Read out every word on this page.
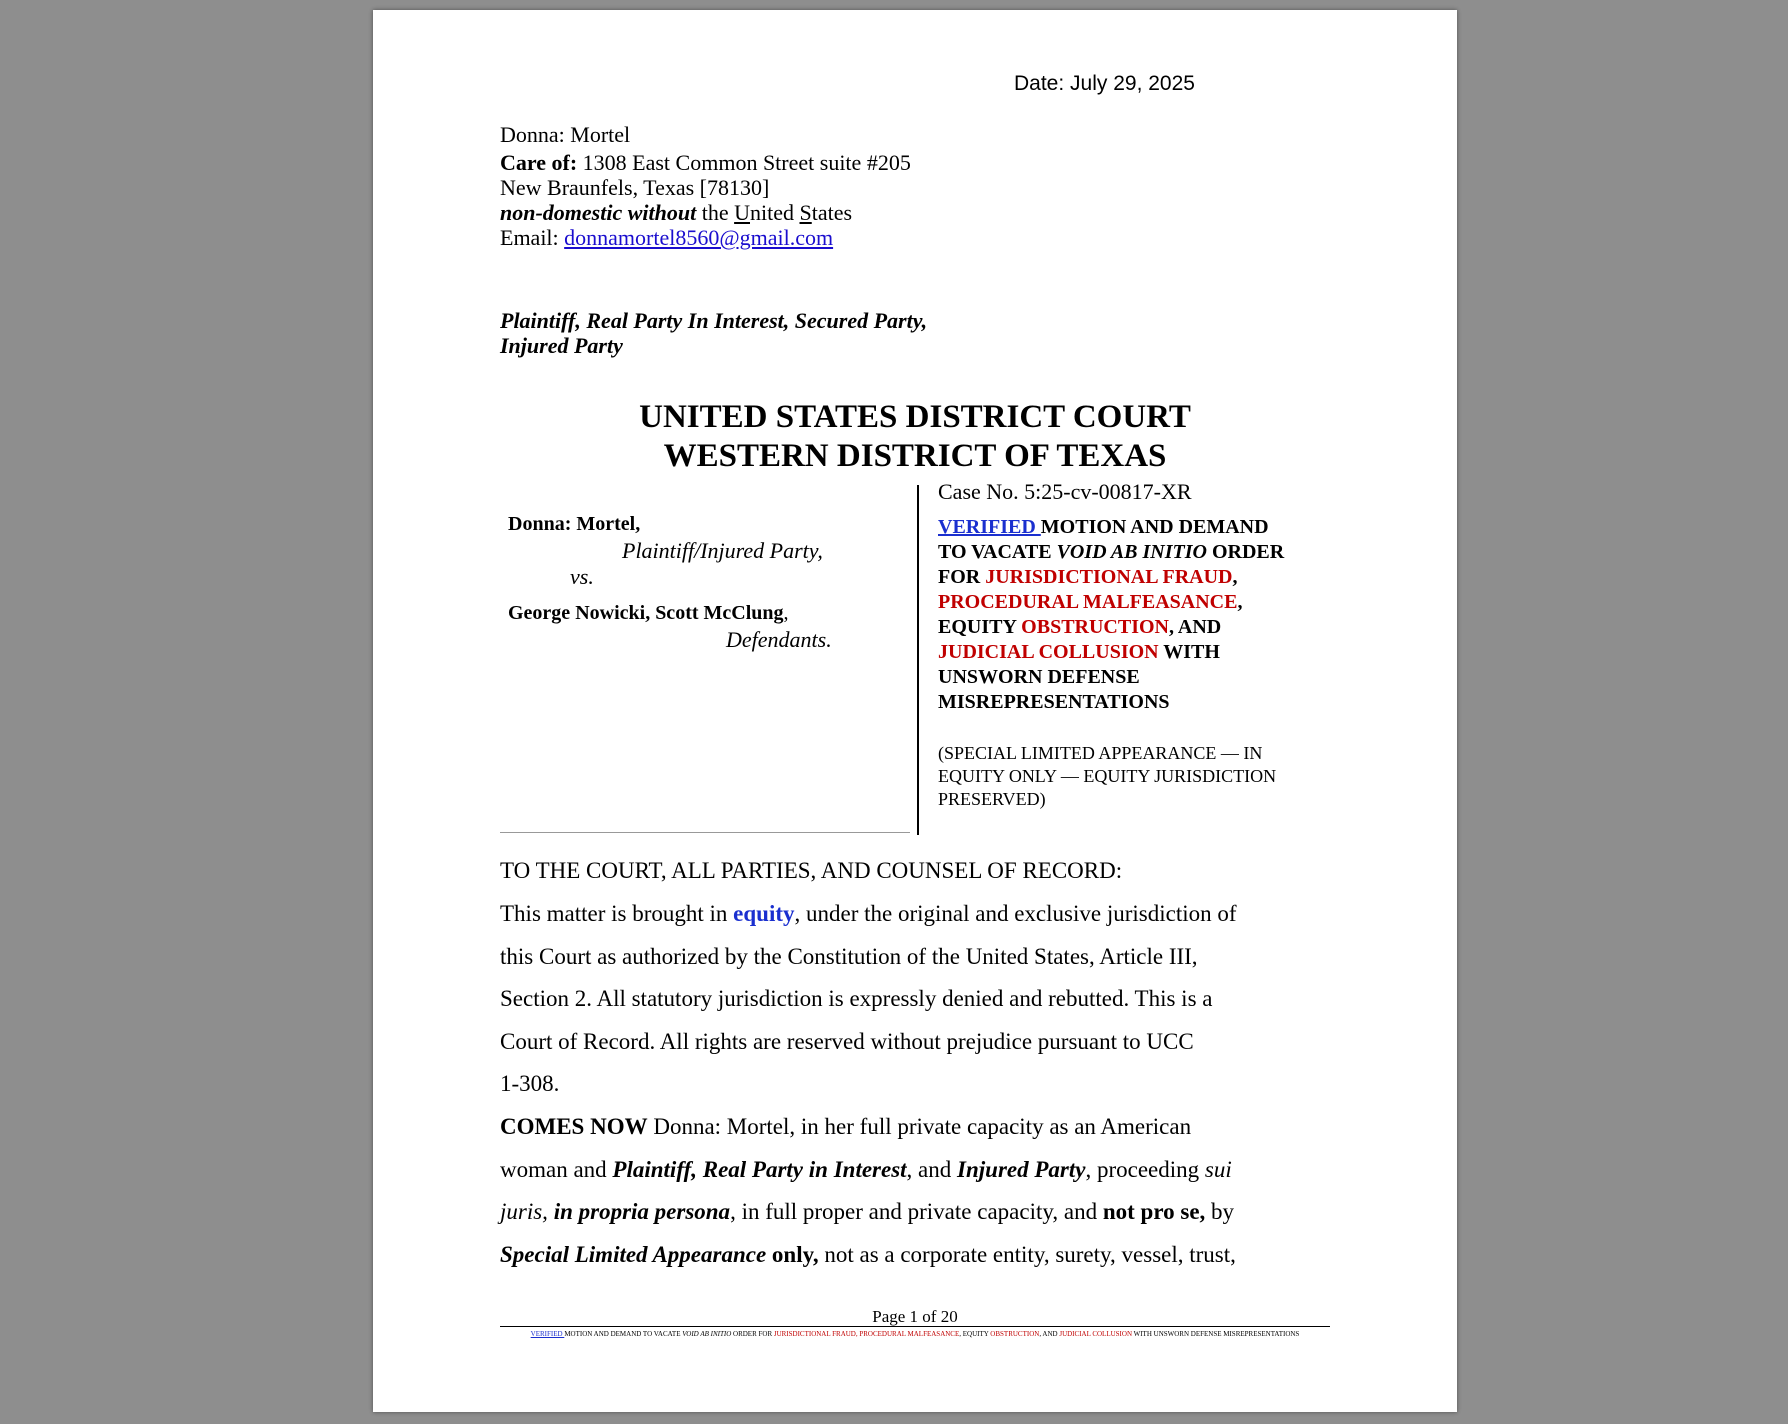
Date: July 29, 2025
Donna: Mortel
Care of: 1308 East Common Street suite #205
New Braunfels, Texas [78130]
non-domestic without the United States
Email: donnamortel8560@gmail.com
Plaintiff, Real Party In Interest, Secured Party,
Injured Party
UNITED STATES DISTRICT COURT
WESTERN DISTRICT OF TEXAS
Donna: Mortel,
Plaintiff/Injured Party,
vs.
George Nowicki, Scott McClung,
Defendants.
Case No. 5:25-cv-00817-XR
VERIFIED MOTION AND DEMAND
TO VACATE VOID AB INITIO ORDER
FOR JURISDICTIONAL FRAUD,
PROCEDURAL MALFEASANCE,
EQUITY OBSTRUCTION, AND
JUDICIAL COLLUSION WITH
UNSWORN DEFENSE
MISREPRESENTATIONS
(SPECIAL LIMITED APPEARANCE — IN
EQUITY ONLY — EQUITY JURISDICTION
PRESERVED)
TO THE COURT, ALL PARTIES, AND COUNSEL OF RECORD:
This matter is brought in equity, under the original and exclusive jurisdiction of
this Court as authorized by the Constitution of the United States, Article III,
Section 2. All statutory jurisdiction is expressly denied and rebutted. This is a
Court of Record. All rights are reserved without prejudice pursuant to UCC
1-308.
COMES NOW Donna: Mortel, in her full private capacity as an American
woman and Plaintiff, Real Party in Interest, and Injured Party, proceeding sui
juris, in propria persona, in full proper and private capacity, and not pro se, by
Special Limited Appearance only, not as a corporate entity, surety, vessel, trust,
Page 1 of 20
VERIFIED MOTION AND DEMAND TO VACATE VOID AB INITIO ORDER FOR JURISDICTIONAL FRAUD, PROCEDURAL MALFEASANCE, EQUITY OBSTRUCTION, AND JUDICIAL COLLUSION WITH UNSWORN DEFENSE MISREPRESENTATIONS
